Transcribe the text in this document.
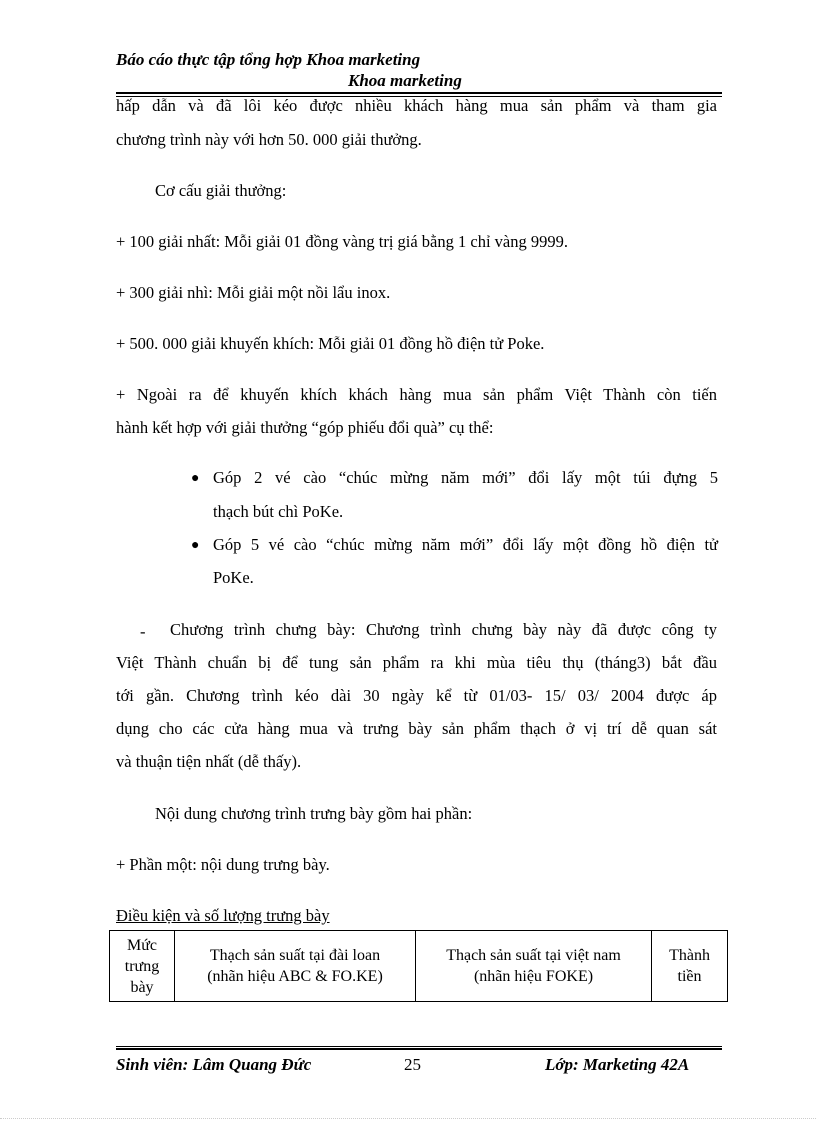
Báo cáo thực tập tổng hợp Khoa marketing
Khoa marketing
hấp dẫn và đã lôi kéo được nhiều khách hàng mua sản phẩm và tham gia
chương trình này với hơn 50. 000 giải thưởng.
Cơ cấu giải thưởng:
+ 100 giải nhất: Mỗi giải 01 đồng vàng trị giá bằng 1 chỉ vàng 9999.
+ 300 giải nhì: Mỗi giải một nồi lẩu inox.
+ 500. 000 giải khuyến khích: Mỗi giải 01 đồng hồ điện tử Poke.
+ Ngoài ra để khuyến khích khách hàng mua sản phẩm Việt Thành còn tiến
hành kết hợp với giải thưởng “góp phiếu đổi quà” cụ thể:
● Góp 2 vé cào “chúc mừng năm mới” đổi lấy một túi đựng 5
thạch bút chì PoKe.
● Góp 5 vé cào “chúc mừng năm mới” đổi lấy một đồng hồ điện tử
PoKe.
-	Chương trình chưng bày: Chương trình chưng bày này đã được công ty
Việt Thành chuẩn bị để tung sản phẩm ra khi mùa tiêu thụ (tháng3) bắt đầu
tới gần. Chương trình kéo dài 30 ngày kể từ 01/03- 15/ 03/ 2004 được áp
dụng cho các cửa hàng mua và trưng bày sản phẩm thạch ở vị trí dễ quan sát
và thuận tiện nhất (dễ thấy).
Nội dung chương trình trưng bày gồm hai phần:
+ Phần một: nội dung trưng bày.
Điều kiện và số lượng trưng bày
Mức
trưng
bày

Thạch sản suất tại đài loan
(nhãn hiệu ABC & FO.KE)

Thạch sản suất tại việt nam
(nhãn hiệu FOKE)

Thành
tiền
Sinh viên: Lâm Quang Đức	25	Lớp: Marketing 42A
